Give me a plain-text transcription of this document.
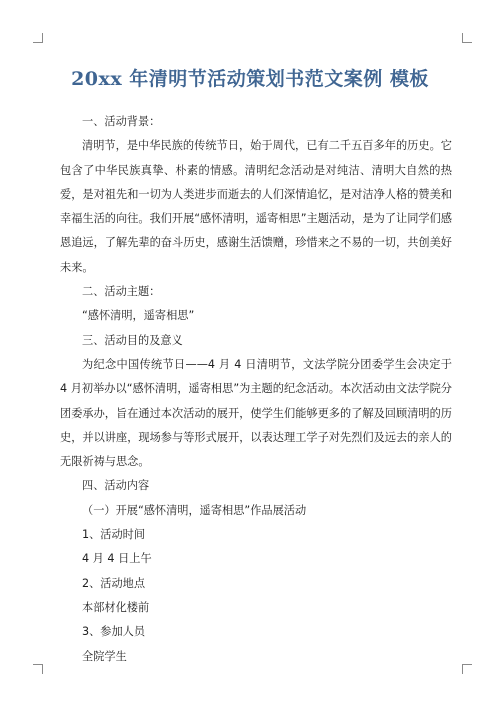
20xx 年清明节活动策划书范文案例 模板

一、活动背景：

清明节，是中华民族的传统节日，始于周代，已有二千五百多年的历史。它包含了中华民族真挚、朴素的情感。清明纪念活动是对纯洁、清明大自然的热爱，是对祖先和一切为人类进步而逝去的人们深情追忆，是对洁净人格的赞美和幸福生活的向往。我们开展“感怀清明，遥寄相思”主题活动，是为了让同学们感恩追远，了解先辈的奋斗历史，感谢生活馈赠，珍惜来之不易的一切，共创美好未来。

二、活动主题：

“感怀清明，遥寄相思”

三、活动目的及意义

为纪念中国传统节日——4 月 4 日清明节，文法学院分团委学生会决定于 4 月初举办以“感怀清明，遥寄相思”为主题的纪念活动。本次活动由文法学院分团委承办，旨在通过本次活动的展开，使学生们能够更多的了解及回顾清明的历史，并以讲座，现场参与等形式展开，以表达理工学子对先烈们及远去的亲人的无限祈祷与思念。

四、活动内容

（一）开展“感怀清明，遥寄相思”作品展活动

1、活动时间

4 月 4 日上午

2、活动地点

本部材化楼前

3、参加人员

全院学生
